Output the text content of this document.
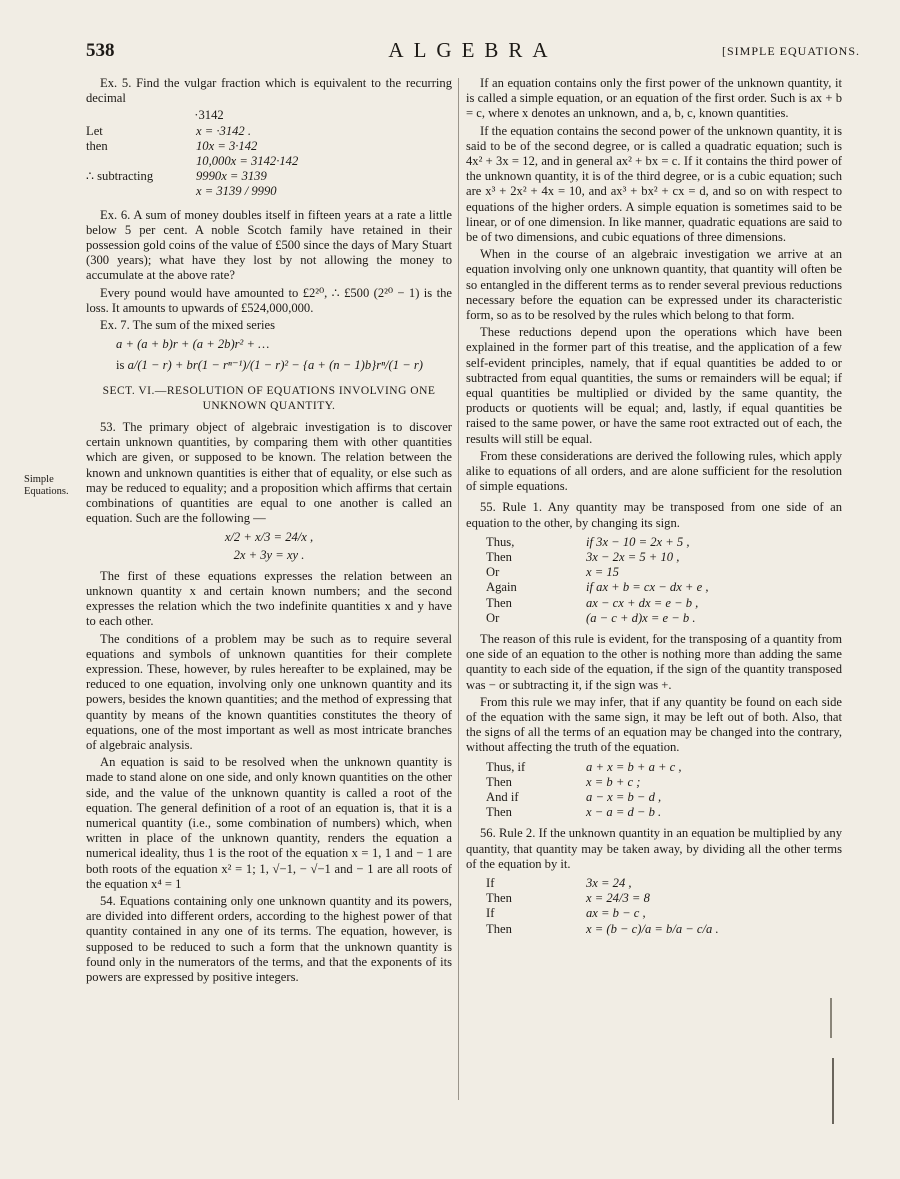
538	ALGEBRA	[SIMPLE EQUATIONS.
Simple Equations.

Ex. 5. Find the vulgar fraction which is equivalent to the recurring decimal

·3142
Let	x = ·3142 .
then	10x = 3·142
10,000x = 3142·142
∴ subtracting	9990x = 3139
x = 3139 / 9990

Ex. 6. A sum of money doubles itself in fifteen years at a rate a little below 5 per cent. A noble Scotch family have retained in their possession gold coins of the value of £500 since the days of Mary Stuart (300 years); what have they lost by not allowing the money to accumulate at the above rate?

Every pound would have amounted to £2²⁰, ∴ £500 (2²⁰ − 1) is the loss. It amounts to upwards of £524,000,000.

Ex. 7. The sum of the mixed series

a + (a + b)r + (a + 2b)r² + …
is a/(1 − r) + br(1 − rⁿ⁻¹)/(1 − r)² − {a + (n − 1)b}rⁿ/(1 − r)
SECT. VI.—RESOLUTION OF EQUATIONS INVOLVING ONE
UNKNOWN QUANTITY.

53. The primary object of algebraic investigation is to discover certain unknown quantities, by comparing them with other quantities which are given, or supposed to be known. The relation between the known and unknown quantities is either that of equality, or else such as may be reduced to equality; and a proposition which affirms that certain combinations of quantities are equal to one another is called an equation. Such are the following —

x/2 + x/3 = 24/x ,
2x + 3y = xy .

The first of these equations expresses the relation between an unknown quantity x and certain known numbers; and the second expresses the relation which the two indefinite quantities x and y have to each other.

The conditions of a problem may be such as to require several equations and symbols of unknown quantities for their complete expression. These, however, by rules hereafter to be explained, may be reduced to one equation, involving only one unknown quantity and its powers, besides the known quantities; and the method of expressing that quantity by means of the known quantities constitutes the theory of equations, one of the most important as well as most intricate branches of algebraic analysis.

An equation is said to be resolved when the unknown quantity is made to stand alone on one side, and only known quantities on the other side, and the value of the unknown quantity is called a root of the equation. The general definition of a root of an equation is, that it is a numerical quantity (i.e., some combination of numbers) which, when written in place of the unknown quantity, renders the equation a numerical ideality, thus 1 is the root of the equation x = 1, 1 and − 1 are both roots of the equation x² = 1; 1, √−1, − √−1 and − 1 are all roots of the equation x⁴ = 1

54. Equations containing only one unknown quantity and its powers, are divided into different orders, according to the highest power of that quantity contained in any one of its terms. The equation, however, is supposed to be reduced to such a form that the unknown quantity is found only in the numerators of the terms, and that the exponents of its powers are expressed by positive integers.

If an equation contains only the first power of the unknown quantity, it is called a simple equation, or an equation of the first order. Such is ax + b = c, where x denotes an unknown, and a, b, c, known quantities.

If the equation contains the second power of the unknown quantity, it is said to be of the second degree, or is called a quadratic equation; such is 4x² + 3x = 12, and in general ax² + bx = c. If it contains the third power of the unknown quantity, it is of the third degree, or is a cubic equation; such are x³ + 2x² + 4x = 10, and ax³ + bx² + cx = d, and so on with respect to equations of the higher orders. A simple equation is sometimes said to be linear, or of one dimension. In like manner, quadratic equations are said to be of two dimensions, and cubic equations of three dimensions.

When in the course of an algebraic investigation we arrive at an equation involving only one unknown quantity, that quantity will often be so entangled in the different terms as to render several previous reductions necessary before the equation can be expressed under its characteristic form, so as to be resolved by the rules which belong to that form.

These reductions depend upon the operations which have been explained in the former part of this treatise, and the application of a few self-evident principles, namely, that if equal quantities be added to or subtracted from equal quantities, the sums or remainders will be equal; if equal quantities be multiplied or divided by the same quantity, the products or quotients will be equal; and, lastly, if equal quantities be raised to the same power, or have the same root extracted out of each, the results will still be equal.

From these considerations are derived the following rules, which apply alike to equations of all orders, and are alone sufficient for the resolution of simple equations.

55. Rule 1. Any quantity may be transposed from one side of an equation to the other, by changing its sign.

Thus,	if 3x − 10 = 2x + 5 ,
Then	3x − 2x = 5 + 10 ,
Or	x = 15
Again	if ax + b = cx − dx + e ,
Then	ax − cx + dx = e − b ,
Or	(a − c + d)x = e − b .

The reason of this rule is evident, for the transposing of a quantity from one side of an equation to the other is nothing more than adding the same quantity to each side of the equation, if the sign of the quantity transposed was − or subtracting it, if the sign was +.

From this rule we may infer, that if any quantity be found on each side of the equation with the same sign, it may be left out of both. Also, that the signs of all the terms of an equation may be changed into the contrary, without affecting the truth of the equation.

Thus, if	a + x = b + a + c ,
Then	x = b + c ;
And if	a − x = b − d ,
Then	x − a = d − b .

56. Rule 2. If the unknown quantity in an equation be multiplied by any quantity, that quantity may be taken away, by dividing all the other terms of the equation by it.

If	3x = 24 ,
Then	x = 24/3 = 8
If	ax = b − c ,
Then	x = (b − c)/a = b/a − c/a .
